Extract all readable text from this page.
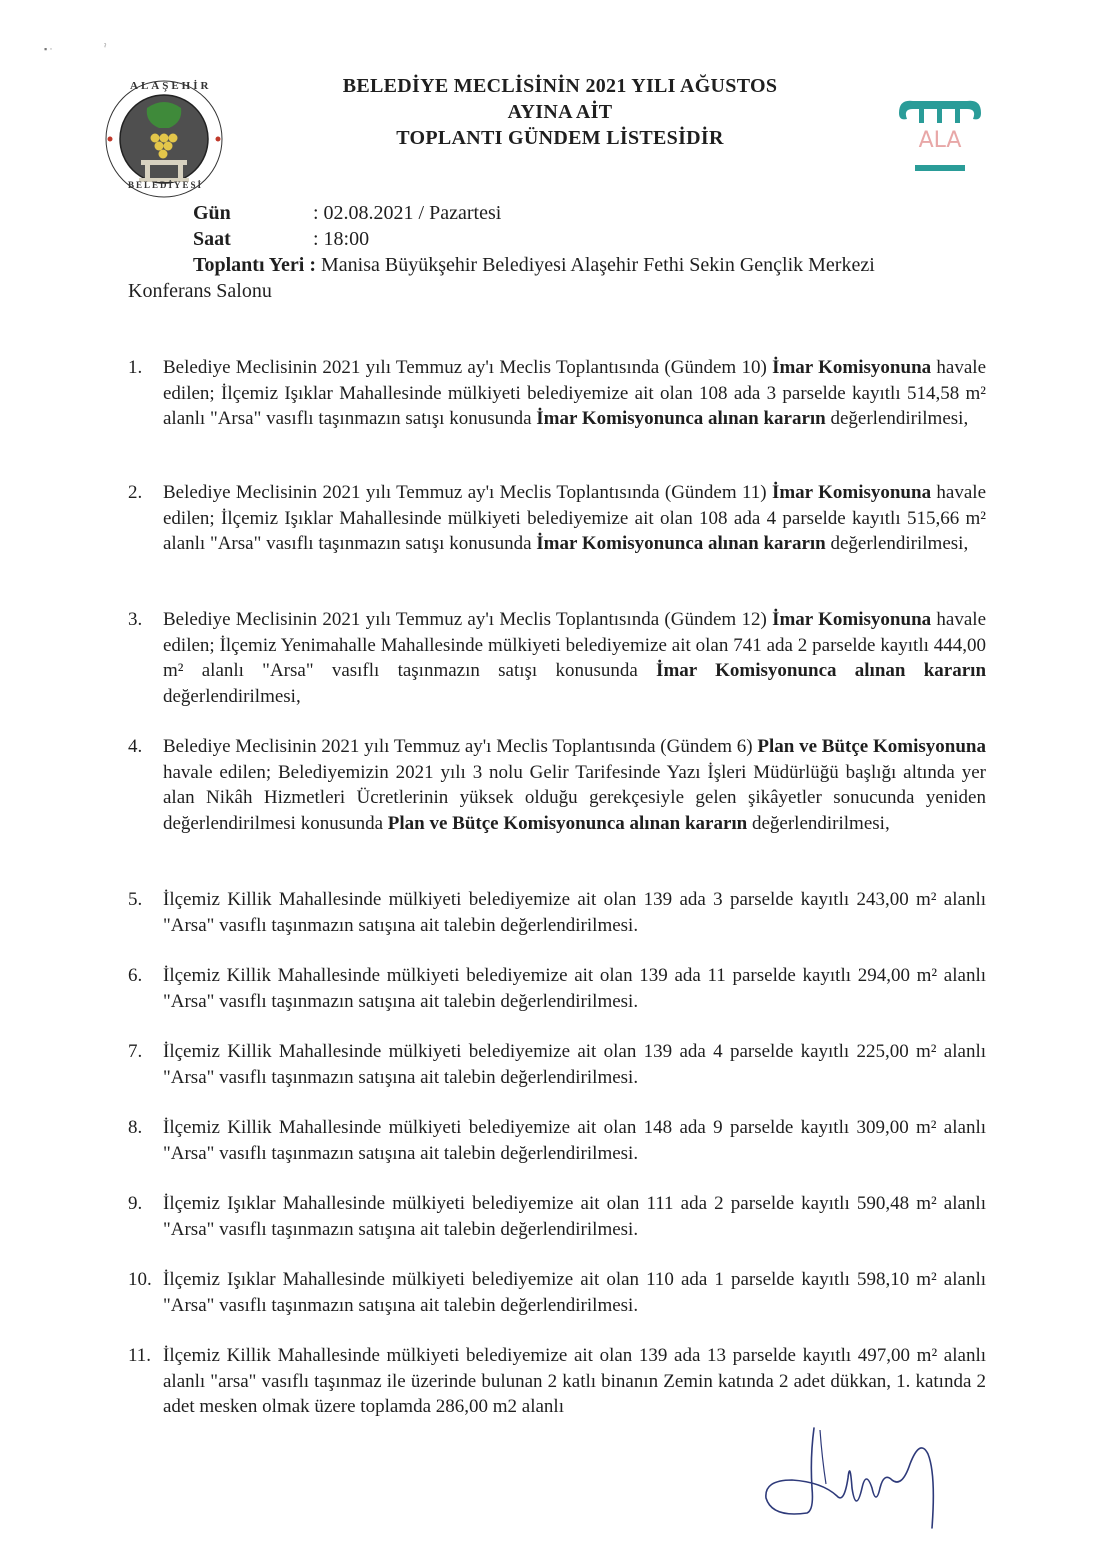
▪ ·	ˀ
ALAŞEHİR
BELEDİYESİ
BELEDİYE MECLİSİNİN 2021 YILI AĞUSTOS
AYINA AİT
TOPLANTI GÜNDEM LİSTESİDİR	ALA
Gün	: 02.08.2021 / Pazartesi
Saat	: 18:00
Toplantı Yeri : Manisa Büyükşehir Belediyesi Alaşehir Fethi Sekin Gençlik Merkezi
Konferans Salonu
1.	Belediye Meclisinin 2021 yılı Temmuz ay'ı Meclis Toplantısında (Gündem 10) İmar Komisyonuna havale edilen; İlçemiz Işıklar Mahallesinde mülkiyeti belediyemize ait olan 108 ada 3 parselde kayıtlı 514,58 m² alanlı "Arsa" vasıflı taşınmazın satışı konusunda İmar Komisyonunca alınan kararın değerlendirilmesi,
2.	Belediye Meclisinin 2021 yılı Temmuz ay'ı Meclis Toplantısında (Gündem 11) İmar Komisyonuna havale edilen; İlçemiz Işıklar Mahallesinde mülkiyeti belediyemize ait olan 108 ada 4 parselde kayıtlı 515,66 m² alanlı "Arsa" vasıflı taşınmazın satışı konusunda İmar Komisyonunca alınan kararın değerlendirilmesi,
3.	Belediye Meclisinin 2021 yılı Temmuz ay'ı Meclis Toplantısında (Gündem 12) İmar Komisyonuna havale edilen; İlçemiz Yenimahalle Mahallesinde mülkiyeti belediyemize ait olan 741 ada 2 parselde kayıtlı 444,00 m² alanlı "Arsa" vasıflı taşınmazın satışı konusunda İmar Komisyonunca alınan kararın değerlendirilmesi,
4.	Belediye Meclisinin 2021 yılı Temmuz ay'ı Meclis Toplantısında (Gündem 6) Plan ve Bütçe Komisyonuna havale edilen; Belediyemizin 2021 yılı 3 nolu Gelir Tarifesinde Yazı İşleri Müdürlüğü başlığı altında yer alan Nikâh Hizmetleri Ücretlerinin yüksek olduğu gerekçesiyle gelen şikâyetler sonucunda yeniden değerlendirilmesi konusunda Plan ve Bütçe Komisyonunca alınan kararın değerlendirilmesi,
5.	İlçemiz Killik Mahallesinde mülkiyeti belediyemize ait olan 139 ada 3 parselde kayıtlı 243,00 m² alanlı "Arsa" vasıflı taşınmazın satışına ait talebin değerlendirilmesi.
6.	İlçemiz Killik Mahallesinde mülkiyeti belediyemize ait olan 139 ada 11 parselde kayıtlı 294,00 m² alanlı "Arsa" vasıflı taşınmazın satışına ait talebin değerlendirilmesi.
7.	İlçemiz Killik Mahallesinde mülkiyeti belediyemize ait olan 139 ada 4 parselde kayıtlı 225,00 m² alanlı "Arsa" vasıflı taşınmazın satışına ait talebin değerlendirilmesi.
8.	İlçemiz Killik Mahallesinde mülkiyeti belediyemize ait olan 148 ada 9 parselde kayıtlı 309,00 m² alanlı "Arsa" vasıflı taşınmazın satışına ait talebin değerlendirilmesi.
9.	İlçemiz Işıklar Mahallesinde mülkiyeti belediyemize ait olan 111 ada 2 parselde kayıtlı 590,48 m² alanlı "Arsa" vasıflı taşınmazın satışına ait talebin değerlendirilmesi.
10. İlçemiz Işıklar Mahallesinde mülkiyeti belediyemize ait olan 110 ada 1 parselde kayıtlı 598,10 m² alanlı "Arsa" vasıflı taşınmazın satışına ait talebin değerlendirilmesi.
11. İlçemiz Killik Mahallesinde mülkiyeti belediyemize ait olan 139 ada 13 parselde kayıtlı 497,00 m² alanlı alanlı "arsa" vasıflı taşınmaz ile üzerinde bulunan 2 katlı binanın Zemin katında 2 adet dükkan, 1. katında 2 adet mesken olmak üzere toplamda 286,00 m2 alanlı
